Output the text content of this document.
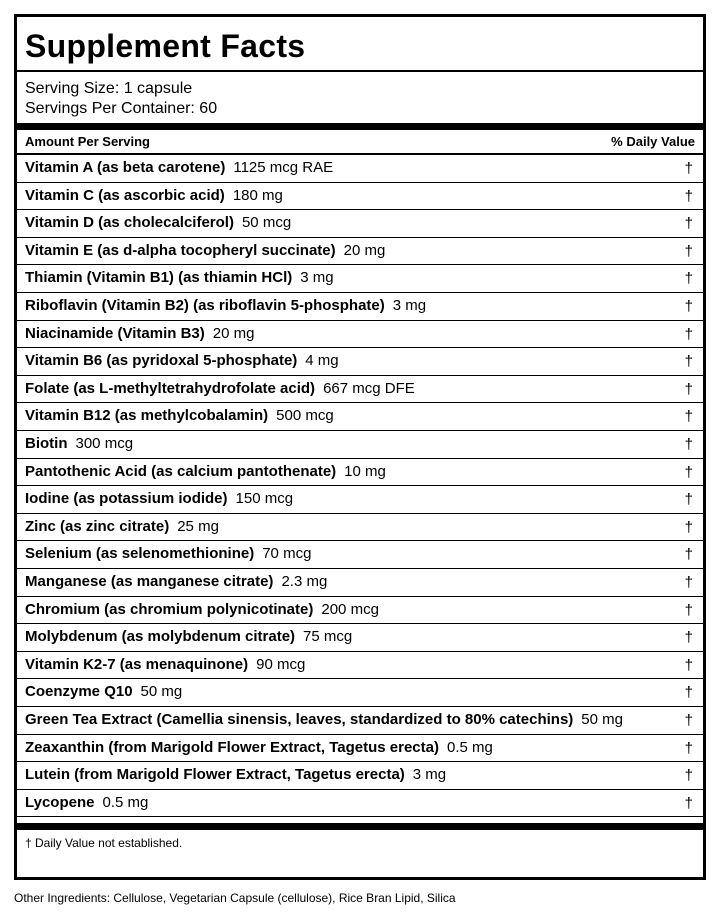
Supplement Facts
Serving Size: 1 capsule
Servings Per Container: 60
Amount Per Serving	% Daily Value
Vitamin A (as beta carotene) 1125 mcg RAE	†
Vitamin C (as ascorbic acid) 180 mg	†
Vitamin D (as cholecalciferol) 50 mcg	†
Vitamin E (as d-alpha tocopheryl succinate) 20 mg	†
Thiamin (Vitamin B1) (as thiamin HCl) 3 mg	†
Riboflavin (Vitamin B2) (as riboflavin 5-phosphate) 3 mg	†
Niacinamide (Vitamin B3) 20 mg	†
Vitamin B6 (as pyridoxal 5-phosphate) 4 mg	†
Folate (as L-methyltetrahydrofolate acid) 667 mcg DFE	†
Vitamin B12 (as methylcobalamin) 500 mcg	†
Biotin 300 mcg	†
Pantothenic Acid (as calcium pantothenate) 10 mg	†
Iodine (as potassium iodide) 150 mcg	†
Zinc (as zinc citrate) 25 mg	†
Selenium (as selenomethionine) 70 mcg	†
Manganese (as manganese citrate) 2.3 mg	†
Chromium (as chromium polynicotinate) 200 mcg	†
Molybdenum (as molybdenum citrate) 75 mcg	†
Vitamin K2-7 (as menaquinone) 90 mcg	†
Coenzyme Q10 50 mg	†
Green Tea Extract (Camellia sinensis, leaves, standardized to 80% catechins) 50 mg	†
Zeaxanthin (from Marigold Flower Extract, Tagetus erecta) 0.5 mg	†
Lutein (from Marigold Flower Extract, Tagetus erecta) 3 mg	†
Lycopene 0.5 mg	†
† Daily Value not established.
Other Ingredients: Cellulose, Vegetarian Capsule (cellulose), Rice Bran Lipid, Silica
